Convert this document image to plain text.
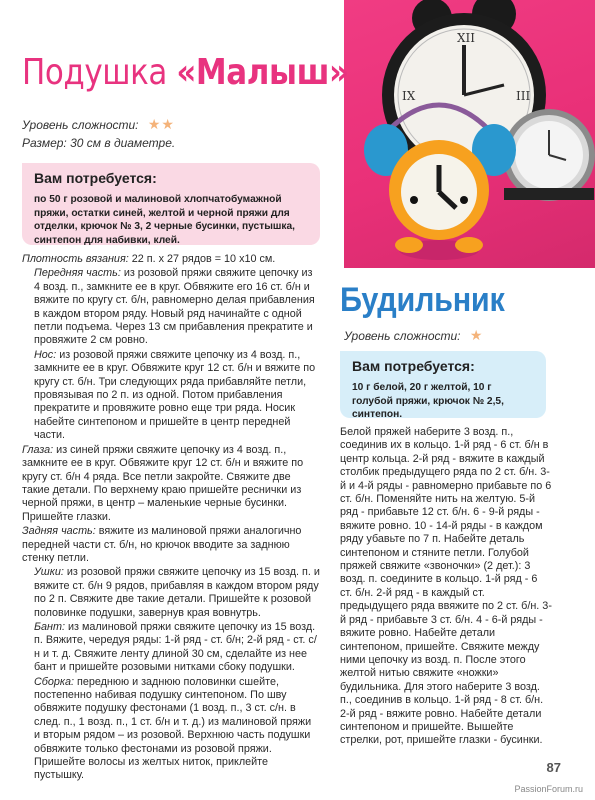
XII
III
IX
Подушка «Малыш»
Уровень сложности: ★★
Размер: 30 см в диаметре.
Вам потребуется:
по 50 г розовой и малиновой хлопчатобумажной пряжи, остатки синей, желтой и черной пряжи для отделки, крючок № 3, 2 черные бусинки, пустышка, синтепон для набивки, клей.

Плотность вязания: 22 п. x 27 рядов = 10 x10 см.

Передняя часть: из розовой пряжи свяжите цепочку из 4 возд. п., замкните ее в круг. Обвяжите его 16 ст. б/н и вяжите по кругу ст. б/н, равномерно делая прибавления в каждом втором ряду. Новый ряд начинайте с одной петли подъема. Через 13 см прибавления прекратите и провяжите 2 см ровно.

Нос: из розовой пряжи свяжите цепочку из 4 возд. п., замкните ее в круг. Обвяжите круг 12 ст. б/н и вяжите по кругу ст. б/н. Три следующих ряда прибавляйте петли, провязывая по 2 п. из одной. Потом прибавления прекратите и провяжите ровно еще три ряда. Носик набейте синтепоном и пришейте в центр передней части.

Глаза: из синей пряжи свяжите цепочку из 4 возд. п., замкните ее в круг. Обвяжите круг 12 ст. б/н и вяжите по кругу ст. б/н 4 ряда. Все петли закройте. Свяжите две такие детали. По верхнему краю пришейте реснички из черной пряжи, в центр – маленькие черные бусинки. Пришейте глазки.

Задняя часть: вяжите из малиновой пряжи аналогично передней части ст. б/н, но крючок вводите за заднюю стенку петли.

Ушки: из розовой пряжи свяжите цепочку из 15 возд. п. и вяжите ст. б/н 9 рядов, прибавляя в каждом втором ряду по 2 п. Свяжите две такие детали. Пришейте к розовой половинке подушки, завернув края вовнутрь.

Бант: из малиновой пряжи свяжите цепочку из 15 возд. п. Вяжите, чередуя ряды: 1-й ряд - ст. б/н; 2-й ряд - ст. с/н и т. д. Свяжите ленту длиной 30 см, сделайте из нее бант и пришейте розовыми нитками сбоку подушки.

Сборка: переднюю и заднюю половинки сшейте, постепенно набивая подушку синтепоном. По шву обвяжите подушку фестонами (1 возд. п., 3 ст. с/н. в след. п., 1 возд. п., 1 ст. б/н и т. д.) из малиновой пряжи и вторым рядом – из розовой. Верхнюю часть подушки обвяжите только фестонами из розовой пряжи. Пришейте волосы из желтых ниток, приклейте пустышку.

Будильник
Уровень сложности: ★
Вам потребуется:
10 г белой, 20 г желтой, 10 г голубой пряжи, крючок № 2,5, синтепон.
Белой пряжей наберите 3 возд. п., соединив их в кольцо. 1-й ряд - 6 ст. б/н в центр кольца. 2-й ряд - вяжите в каждый столбик предыдущего ряда по 2 ст. б/н. 3-й и 4-й ряды - равномерно прибавьте по 6 ст. б/н. Поменяйте нить на желтую. 5-й ряд - прибавьте 12 ст. б/н. 6 - 9-й ряды - вяжите ровно. 10 - 14-й ряды - в каждом ряду убавьте по 7 п. Набейте деталь синтепоном и стяните петли. Голубой пряжей свяжите «звоночки» (2 дет.): 3 возд. п. соедините в кольцо. 1-й ряд - 6 ст. б/н. 2-й ряд - в каждый ст. предыдущего ряда ввяжите по 2 ст. б/н. 3-й ряд - прибавьте 3 ст. б/н. 4 - 6-й ряды - вяжите ровно. Набейте детали синтепоном, пришейте. Свяжите между ними цепочку из возд. п. После этого желтой нитью свяжите «ножки» будильника. Для этого наберите 3 возд. п., соединив в кольцо. 1-й ряд - 8 ст. б/н. 2-й ряд - вяжите ровно. Набейте детали синтепоном и пришейте. Вышейте стрелки, рот, пришейте глазки - бусинки.
87
PassionForum.ru
